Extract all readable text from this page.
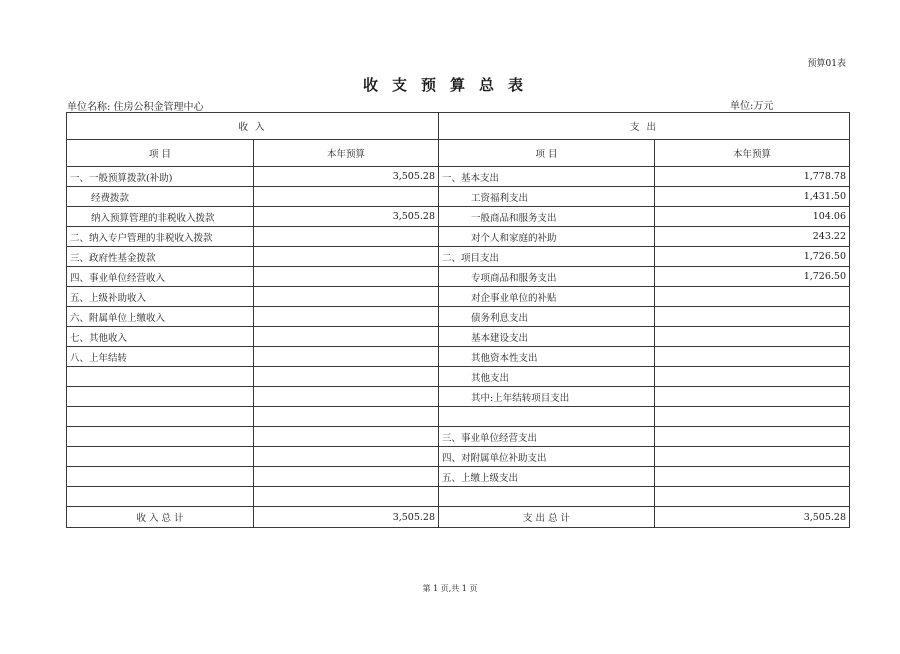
预算01表
收支预算总表
单位名称: 住房公积金管理中心	单位:万元
收 入		支 出	
项 目	本年预算	项 目	本年预算
一、一般预算拨款(补助)	3,505.28	一、基本支出	1,778.78
经费拨款		工资福利支出	1,431.50
纳入预算管理的非税收入拨款	3,505.28	一般商品和服务支出	104.06
二、纳入专户管理的非税收入拨款		对个人和家庭的补助	243.22
三、政府性基金拨款		二、项目支出	1,726.50
四、事业单位经营收入		专项商品和服务支出	1,726.50
五、上级补助收入		对企事业单位的补贴	
六、附属单位上缴收入		债务利息支出	
七、其他收入		基本建设支出	
八、上年结转		其他资本性支出	
		其他支出	
		其中:上年结转项目支出	

		三、事业单位经营支出	
		四、对附属单位补助支出	
		五、上缴上级支出	

收 入 总 计	3,505.28	支 出 总 计	3,505.28
第 1 页,共 1 页
